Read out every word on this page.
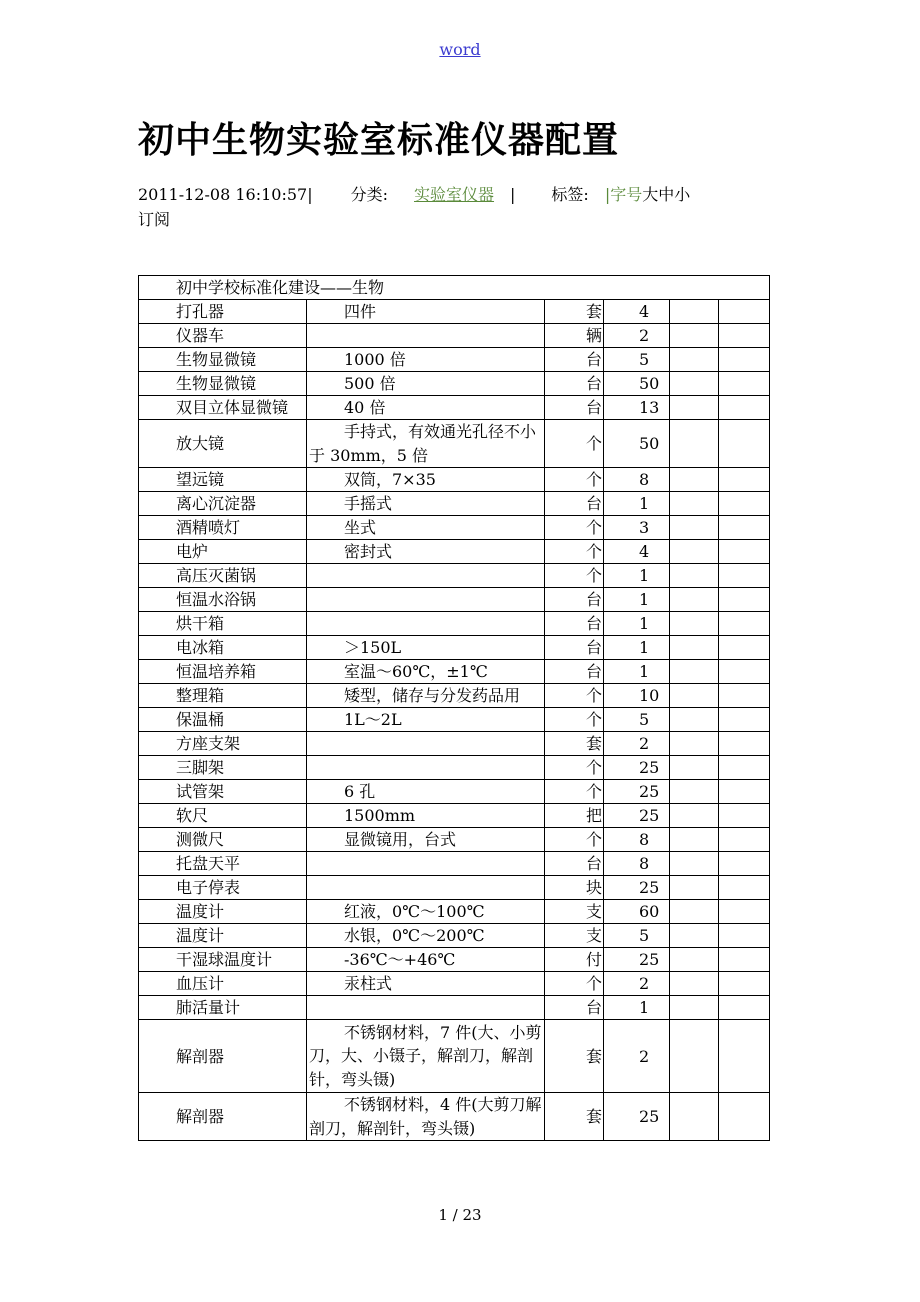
word
初中生物实验室标准仪器配置
2011-12-08 16:10:57| 分类: 实验室仪器 | 标签: |字号大中小
订阅
初中学校标准化建设——生物					
打孔器	四件	套	4		
仪器车		辆	2		
生物显微镜	1000 倍	台	5		
生物显微镜	500 倍	台	50		
双目立体显微镜	40 倍	台	13		
放大镜	手持式，有效通光孔径不小于 30mm，5 倍	个	50		
望远镜	双筒，7×35	个	8		
离心沉淀器	手摇式	台	1		
酒精喷灯	坐式	个	3		
电炉	密封式	个	4		
高压灭菌锅		个	1		
恒温水浴锅		台	1		
烘干箱		台	1		
电冰箱	＞150L	台	1		
恒温培养箱	室温～60℃，±1℃	台	1		
整理箱	矮型，储存与分发药品用	个	10		
保温桶	1L～2L	个	5		
方座支架		套	2		
三脚架		个	25		
试管架	6 孔	个	25		
软尺	1500mm	把	25		
测微尺	显微镜用，台式	个	8		
托盘天平		台	8		
电子停表		块	25		
温度计	红液，0℃～100℃	支	60		
温度计	水银，0℃～200℃	支	5		
干湿球温度计	-36℃～+46℃	付	25		
血压计	汞柱式	个	2		
肺活量计		台	1		
解剖器	不锈钢材料，7 件(大、小剪刀，大、小镊子，解剖刀，解剖针，弯头镊)	套	2		
解剖器	不锈钢材料，4 件(大剪刀解剖刀，解剖针，弯头镊)	套	25		
1 / 23
